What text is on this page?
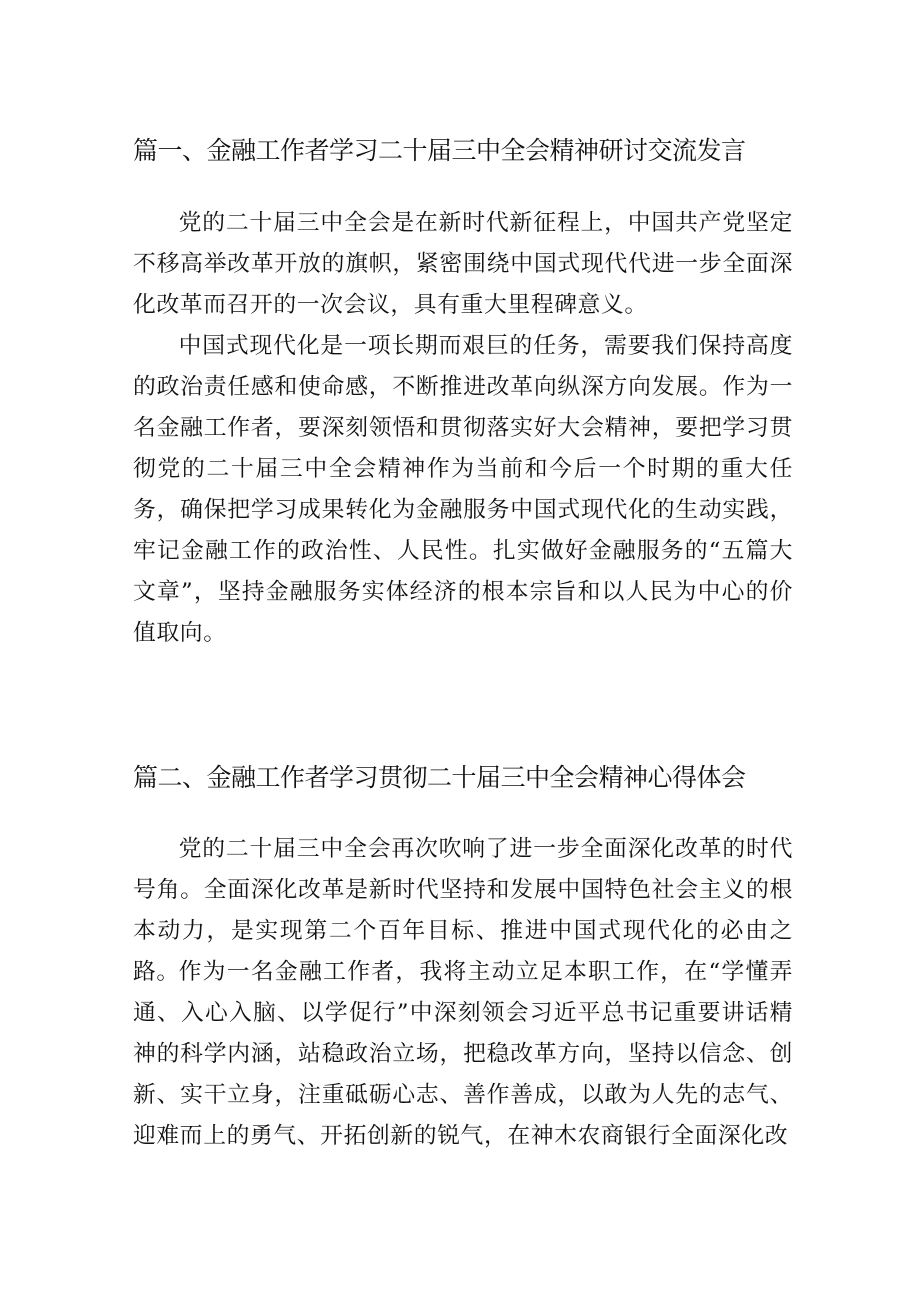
篇一、金融工作者学习二十届三中全会精神研讨交流发言

党的二十届三中全会是在新时代新征程上，中国共产党坚定不移高举改革开放的旗帜，紧密围绕中国式现代代进一步全面深化改革而召开的一次会议，具有重大里程碑意义。

中国式现代化是一项长期而艰巨的任务，需要我们保持高度的政治责任感和使命感，不断推进改革向纵深方向发展。作为一名金融工作者，要深刻领悟和贯彻落实好大会精神，要把学习贯彻党的二十届三中全会精神作为当前和今后一个时期的重大任务，确保把学习成果转化为金融服务中国式现代化的生动实践，牢记金融工作的政治性、人民性。扎实做好金融服务的“五篇大文章”，坚持金融服务实体经济的根本宗旨和以人民为中心的价值取向。

篇二、金融工作者学习贯彻二十届三中全会精神心得体会

党的二十届三中全会再次吹响了进一步全面深化改革的时代号角。全面深化改革是新时代坚持和发展中国特色社会主义的根本动力，是实现第二个百年目标、推进中国式现代化的必由之路。

作为一名金融工作者，我将主动立足本职工作，在“学懂弄通、入心入脑、以学促行”中深刻领会习近平总书记重要讲话精神的科学内涵，站稳政治立场，把稳改革方向，坚持以信念、创新、实干立身，注重砥砺心志、善作善成，以敢为人先的志气、迎难而上的勇气、开拓创新的锐气，在神木农商银行全面深化改
